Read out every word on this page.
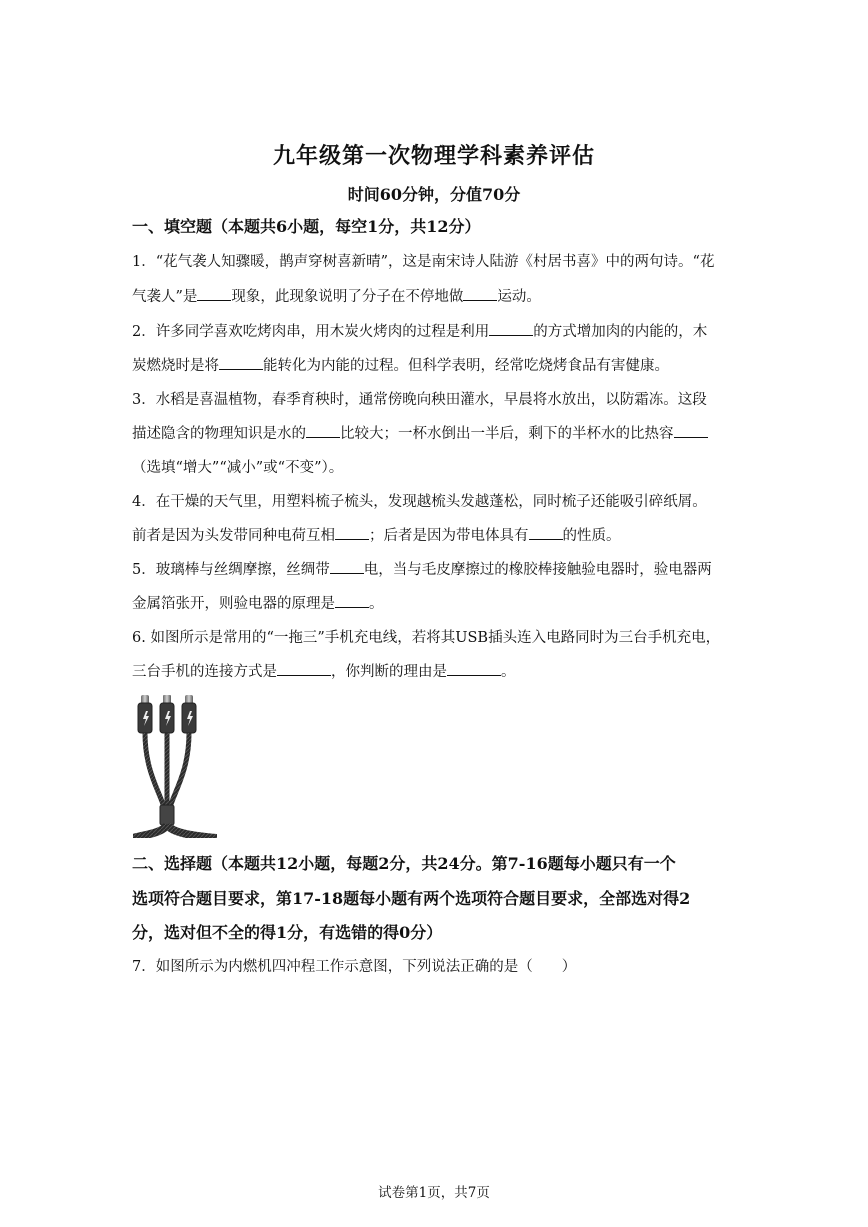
九年级第一次物理学科素养评估
时间60分钟，分值70分
一、填空题（本题共6小题，每空1分，共12分）
1．“花气袭人知骤暖，鹊声穿树喜新晴”，这是南宋诗人陆游《村居书喜》中的两句诗。“花
气袭人”是 现象，此现象说明了分子在不停地做 运动。
2．许多同学喜欢吃烤肉串，用木炭火烤肉的过程是利用	的方式增加肉的内能的，木
炭燃烧时是将	能转化为内能的过程。但科学表明，经常吃烧烤食品有害健康。
3．水稻是喜温植物，春季育秧时，通常傍晚向秧田灌水，早晨将水放出，以防霜冻。这段
描述隐含的物理知识是水的 比较大；一杯水倒出一半后，剩下的半杯水的比热容
（选填“增大”“减小”或“不变”）。
4．在干燥的天气里，用塑料梳子梳头，发现越梳头发越蓬松，同时梳子还能吸引碎纸屑。
前者是因为头发带同种电荷互相 ；后者是因为带电体具有 的性质。
5．玻璃棒与丝绸摩擦，丝绸带 电，当与毛皮摩擦过的橡胶棒接触验电器时，验电器两
金属箔张开，则验电器的原理是 。
6. 如图所示是常用的“一拖三”手机充电线，若将其USB插头连入电路同时为三台手机充电，
三台手机的连接方式是	，你判断的理由是	。
二、选择题（本题共12小题，每题2分，共24分。第7-16题每小题只有一个
选项符合题目要求，第17-18题每小题有两个选项符合题目要求，全部选对得2
分，选对但不全的得1分，有选错的得0分）
7．如图所示为内燃机四冲程工作示意图，下列说法正确的是（　　）
试卷第1页，共7页
